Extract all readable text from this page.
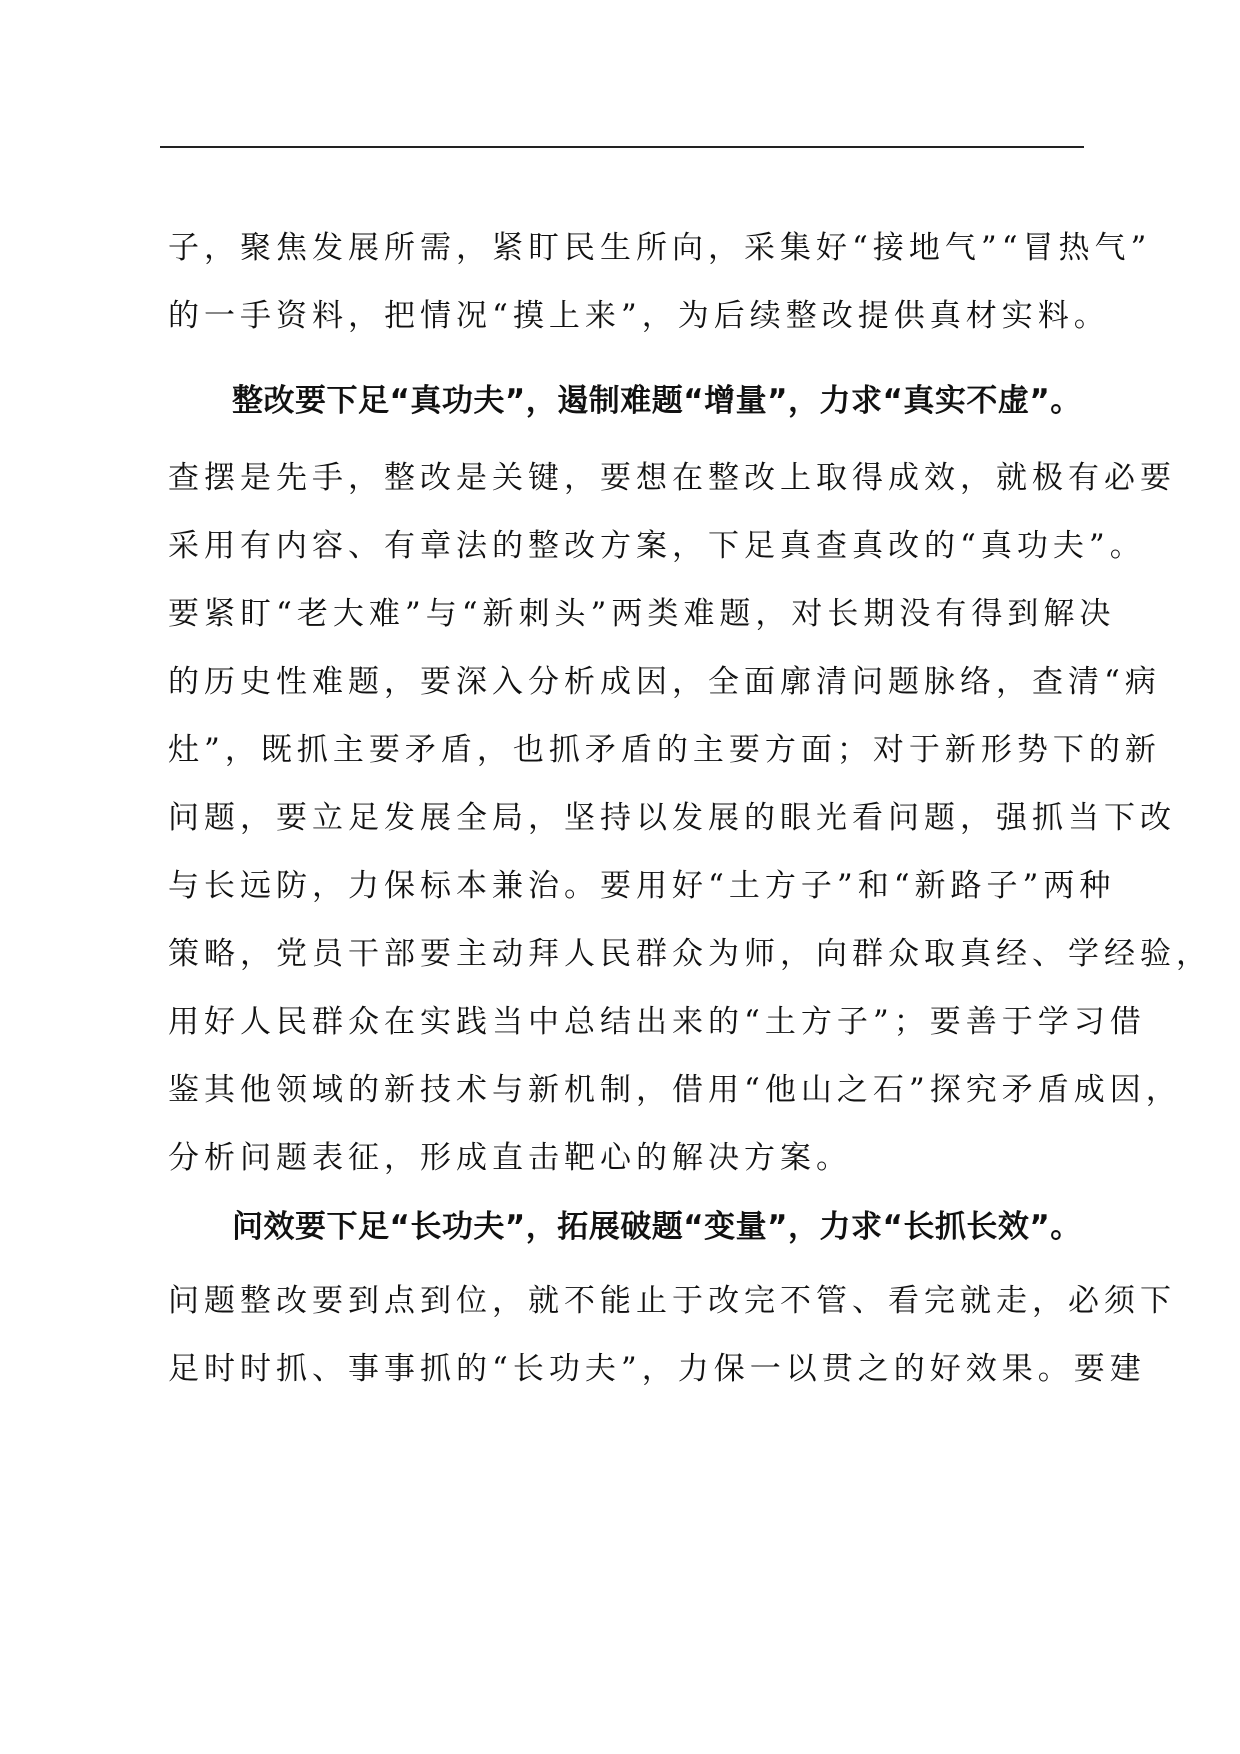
子，聚焦发展所需，紧盯民生所向，采集好“接地气”“冒热气”
的一手资料，把情况“摸上来”，为后续整改提供真材实料。
整改要下足“真功夫”，遏制难题“增量”，力求“真实不虚”。
查摆是先手，整改是关键，要想在整改上取得成效，就极有必要
采用有内容、有章法的整改方案，下足真查真改的“真功夫”。
要紧盯“老大难”与“新刺头”两类难题，对长期没有得到解决
的历史性难题，要深入分析成因，全面廓清问题脉络，查清“病
灶”，既抓主要矛盾，也抓矛盾的主要方面；对于新形势下的新
问题，要立足发展全局，坚持以发展的眼光看问题，强抓当下改
与长远防，力保标本兼治。要用好“土方子”和“新路子”两种
策略，党员干部要主动拜人民群众为师，向群众取真经、学经验，
用好人民群众在实践当中总结出来的“土方子”；要善于学习借
鉴其他领域的新技术与新机制，借用“他山之石”探究矛盾成因，
分析问题表征，形成直击靶心的解决方案。
问效要下足“长功夫”，拓展破题“变量”，力求“长抓长效”。
问题整改要到点到位，就不能止于改完不管、看完就走，必须下
足时时抓、事事抓的“长功夫”，力保一以贯之的好效果。要建
